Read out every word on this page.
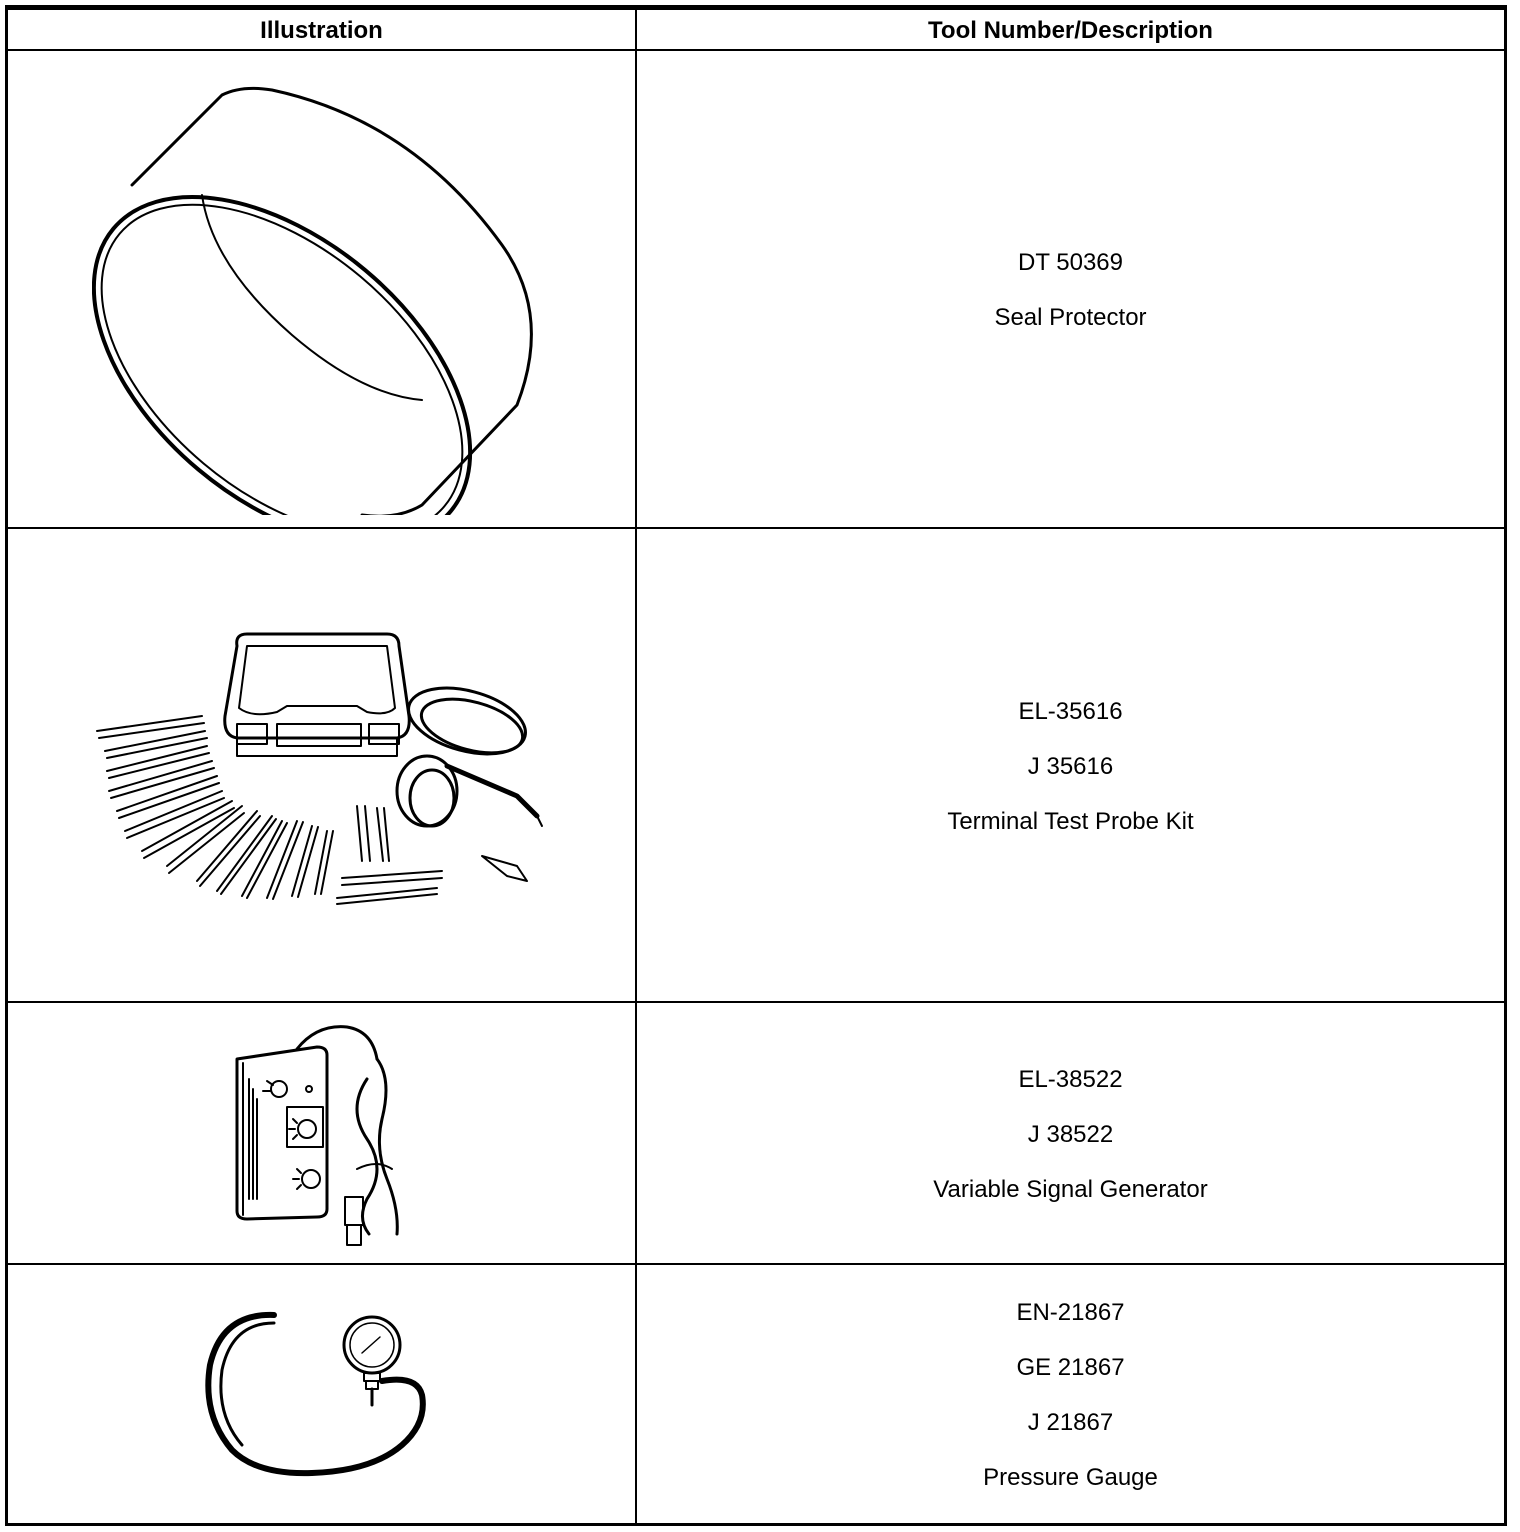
Illustration	Tool Number/Description
DT 50369
Seal Protector
EL-35616
J 35616
Terminal Test Probe Kit
EL-38522
J 38522
Variable Signal Generator
EN-21867
GE 21867
J 21867
Pressure Gauge
